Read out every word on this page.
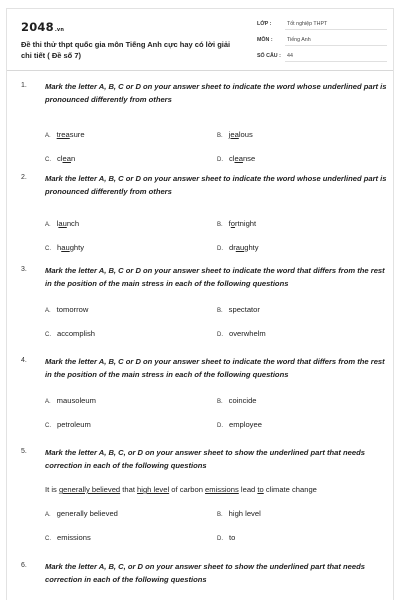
2048.vn
Đề thi thử thpt quốc gia môn Tiếng Anh cực hay có lời giải chi tiết ( Đề số 7)
LỚP :	Tốt nghiệp THPT
MÔN :	Tiếng Anh
SỐ CÂU : 44
1. Mark the letter A, B, C or D on your answer sheet to indicate the word whose underlined part is pronounced differently from others
A. treasure	B. jealous
C. clean	D. cleanse
2. Mark the letter A, B, C or D on your answer sheet to indicate the word whose underlined part is pronounced differently from others
A. launch	B. fortnight
C. haughty	D. draughty
3. Mark the letter A, B, C or D on your answer sheet to indicate the word that differs from the rest in the position of the main stress in each of the following questions
A. tomorrow	B. spectator
C. accomplish	D. overwhelm
4. Mark the letter A, B, C or D on your answer sheet to indicate the word that differs from the rest in the position of the main stress in each of the following questions
A. mausoleum	B. coincide
C. petroleum	D. employee
5. Mark the letter A, B, C, or D on your answer sheet to show the underlined part that needs correction in each of the following questions
It is generally believed that high level of carbon emissions lead to climate change
A. generally believed	B. high level
C. emissions	D. to
6. Mark the letter A, B, C, or D on your answer sheet to show the underlined part that needs correction in each of the following questions
